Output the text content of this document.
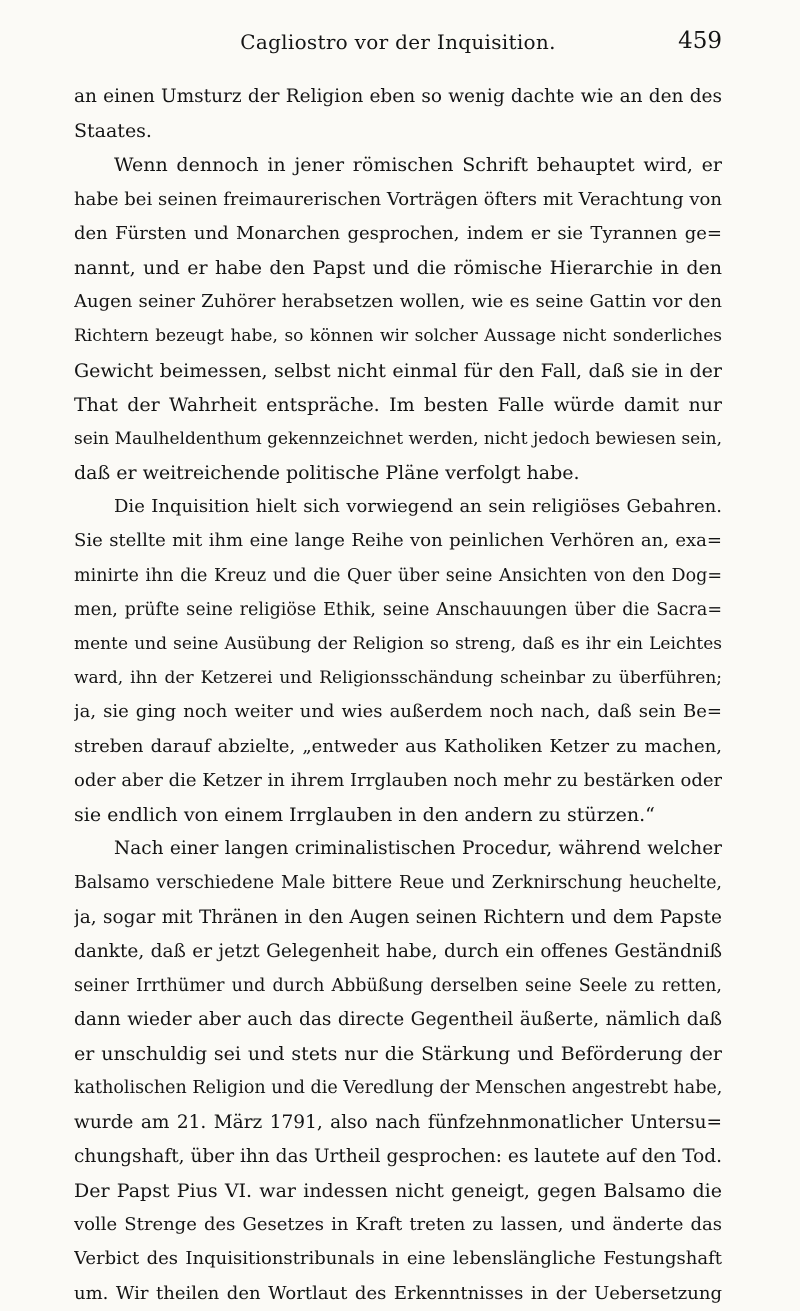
Cagliostro vor der Inquisition.	459
an einen Umsturz der Religion eben so wenig dachte wie an den des
Staates.
Wenn dennoch in jener römischen Schrift behauptet wird, er
habe bei seinen freimaurerischen Vorträgen öfters mit Verachtung von
den Fürsten und Monarchen gesprochen, indem er sie Tyrannen ge=
nannt, und er habe den Papst und die römische Hierarchie in den
Augen seiner Zuhörer herabsetzen wollen, wie es seine Gattin vor den
Richtern bezeugt habe, so können wir solcher Aussage nicht sonderliches
Gewicht beimessen, selbst nicht einmal für den Fall, daß sie in der
That der Wahrheit entspräche. Im besten Falle würde damit nur
sein Maulheldenthum gekennzeichnet werden, nicht jedoch bewiesen sein,
daß er weitreichende politische Pläne verfolgt habe.
Die Inquisition hielt sich vorwiegend an sein religiöses Gebahren.
Sie stellte mit ihm eine lange Reihe von peinlichen Verhören an, exa=
minirte ihn die Kreuz und die Quer über seine Ansichten von den Dog=
men, prüfte seine religiöse Ethik, seine Anschauungen über die Sacra=
mente und seine Ausübung der Religion so streng, daß es ihr ein Leichtes
ward, ihn der Ketzerei und Religionsschändung scheinbar zu überführen;
ja, sie ging noch weiter und wies außerdem noch nach, daß sein Be=
streben darauf abzielte, „entweder aus Katholiken Ketzer zu machen,
oder aber die Ketzer in ihrem Irrglauben noch mehr zu bestärken oder
sie endlich von einem Irrglauben in den andern zu stürzen.“
Nach einer langen criminalistischen Procedur, während welcher
Balsamo verschiedene Male bittere Reue und Zerknirschung heuchelte,
ja, sogar mit Thränen in den Augen seinen Richtern und dem Papste
dankte, daß er jetzt Gelegenheit habe, durch ein offenes Geständniß
seiner Irrthümer und durch Abbüßung derselben seine Seele zu retten,
dann wieder aber auch das directe Gegentheil äußerte, nämlich daß
er unschuldig sei und stets nur die Stärkung und Beförderung der
katholischen Religion und die Veredlung der Menschen angestrebt habe,
wurde am 21. März 1791, also nach fünfzehnmonatlicher Untersu=
chungshaft, über ihn das Urtheil gesprochen: es lautete auf den Tod.
Der Papst Pius VI. war indessen nicht geneigt, gegen Balsamo die
volle Strenge des Gesetzes in Kraft treten zu lassen, und änderte das
Verbict des Inquisitionstribunals in eine lebenslängliche Festungshaft
um. Wir theilen den Wortlaut des Erkenntnisses in der Uebersetzung
